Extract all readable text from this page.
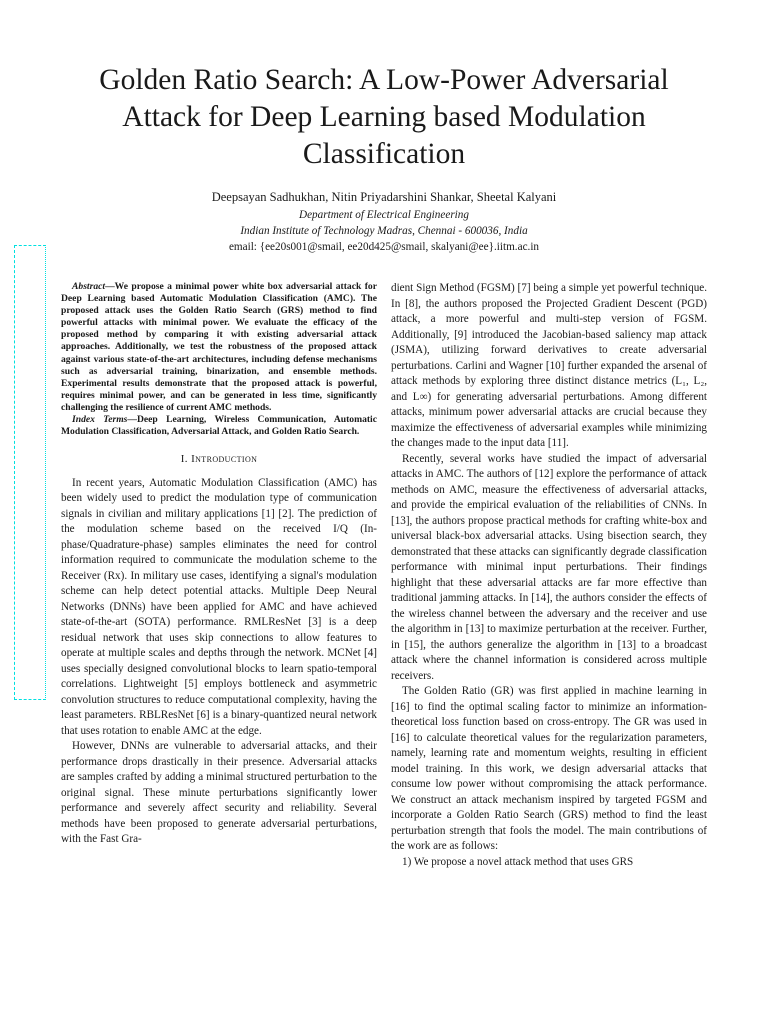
Golden Ratio Search: A Low-Power Adversarial Attack for Deep Learning based Modulation Classification
Deepsayan Sadhukhan, Nitin Priyadarshini Shankar, Sheetal Kalyani
Department of Electrical Engineering
Indian Institute of Technology Madras, Chennai - 600036, India
email: {ee20s001@smail, ee20d425@smail, skalyani@ee}.iitm.ac.in

Abstract—We propose a minimal power white box adversarial attack for Deep Learning based Automatic Modulation Classification (AMC). The proposed attack uses the Golden Ratio Search (GRS) method to find powerful attacks with minimal power. We evaluate the efficacy of the proposed method by comparing it with existing adversarial attack approaches. Additionally, we test the robustness of the proposed attack against various state-of-the-art architectures, including defense mechanisms such as adversarial training, binarization, and ensemble methods. Experimental results demonstrate that the proposed attack is powerful, requires minimal power, and can be generated in less time, significantly challenging the resilience of current AMC methods.

Index Terms—Deep Learning, Wireless Communication, Automatic Modulation Classification, Adversarial Attack, and Golden Ratio Search.

I. Introduction

In recent years, Automatic Modulation Classification (AMC) has been widely used to predict the modulation type of communication signals in civilian and military applications [1] [2]. The prediction of the modulation scheme based on the received I/Q (In-phase/Quadrature-phase) samples eliminates the need for control information required to communicate the modulation scheme to the Receiver (Rx). In military use cases, identifying a signal's modulation scheme can help detect potential attacks. Multiple Deep Neural Networks (DNNs) have been applied for AMC and have achieved state-of-the-art (SOTA) performance. RMLResNet [3] is a deep residual network that uses skip connections to allow features to operate at multiple scales and depths through the network. MCNet [4] uses specially designed convolutional blocks to learn spatio-temporal correlations. Lightweight [5] employs bottleneck and asymmetric convolution structures to reduce computational complexity, having the least parameters. RBLResNet [6] is a binary-quantized neural network that uses rotation to enable AMC at the edge.

However, DNNs are vulnerable to adversarial attacks, and their performance drops drastically in their presence. Adversarial attacks are samples crafted by adding a minimal structured perturbation to the original signal. These minute perturbations significantly lower performance and severely affect security and reliability. Several methods have been proposed to generate adversarial perturbations, with the Fast Gra-

dient Sign Method (FGSM) [7] being a simple yet powerful technique. In [8], the authors proposed the Projected Gradient Descent (PGD) attack, a more powerful and multi-step version of FGSM. Additionally, [9] introduced the Jacobian-based saliency map attack (JSMA), utilizing forward derivatives to create adversarial perturbations. Carlini and Wagner [10] further expanded the arsenal of attack methods by exploring three distinct distance metrics (L₁, L₂, and L∞) for generating adversarial perturbations. Among different attacks, minimum power adversarial attacks are crucial because they maximize the effectiveness of adversarial examples while minimizing the changes made to the input data [11].

Recently, several works have studied the impact of adversarial attacks in AMC. The authors of [12] explore the performance of attack methods on AMC, measure the effectiveness of adversarial attacks, and provide the empirical evaluation of the reliabilities of CNNs. In [13], the authors propose practical methods for crafting white-box and universal black-box adversarial attacks. Using bisection search, they demonstrated that these attacks can significantly degrade classification performance with minimal input perturbations. Their findings highlight that these adversarial attacks are far more effective than traditional jamming attacks. In [14], the authors consider the effects of the wireless channel between the adversary and the receiver and use the algorithm in [13] to maximize perturbation at the receiver. Further, in [15], the authors generalize the algorithm in [13] to a broadcast attack where the channel information is considered across multiple receivers.

The Golden Ratio (GR) was first applied in machine learning in [16] to find the optimal scaling factor to minimize an information-theoretical loss function based on cross-entropy. The GR was used in [16] to calculate theoretical values for the regularization parameters, namely, learning rate and momentum weights, resulting in efficient model training. In this work, we design adversarial attacks that consume low power without compromising the attack performance. We construct an attack mechanism inspired by targeted FGSM and incorporate a Golden Ratio Search (GRS) method to find the least perturbation strength that fools the model. The main contributions of the work are as follows:

1) We propose a novel attack method that uses GRS
